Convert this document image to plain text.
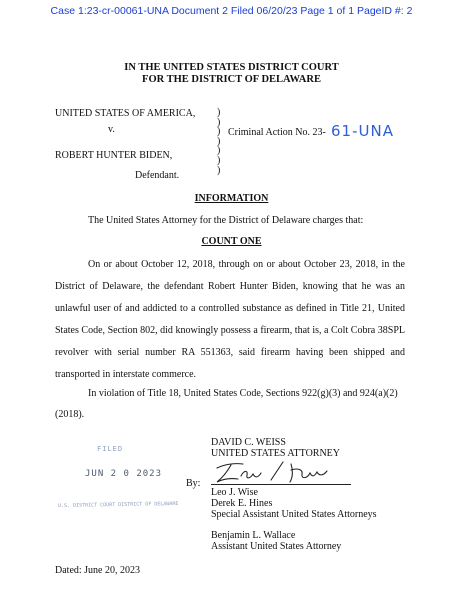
Case 1:23-cr-00061-UNA Document 2 Filed 06/20/23 Page 1 of 1 PageID #: 2
IN THE UNITED STATES DISTRICT COURT
FOR THE DISTRICT OF DELAWARE
UNITED STATES OF AMERICA,
v.
ROBERT HUNTER BIDEN,
Defendant.
)
)
)
)
)
)
)
Criminal Action No. 23- 61-UNA
INFORMATION
The United States Attorney for the District of Delaware charges that:
COUNT ONE
On or about October 12, 2018, through on or about October 23, 2018, in the
District of Delaware, the defendant Robert Hunter Biden, knowing that he was an
unlawful user of and addicted to a controlled substance as defined in Title 21, United
States Code, Section 802, did knowingly possess a firearm, that is, a Colt Cobra 38SPL
revolver with serial number RA 551363, said firearm having been shipped and
transported in interstate commerce.
In violation of Title 18, United States Code, Sections 922(g)(3) and 924(a)(2)
(2018).
FILED
JUN 2 0 2023
U.S. DISTRICT COURT DISTRICT OF DELAWARE
DAVID C. WEISS
UNITED STATES ATTORNEY
By:
Leo J. Wise
Derek E. Hines
Special Assistant United States Attorneys
Benjamin L. Wallace
Assistant United States Attorney
Dated: June 20, 2023
